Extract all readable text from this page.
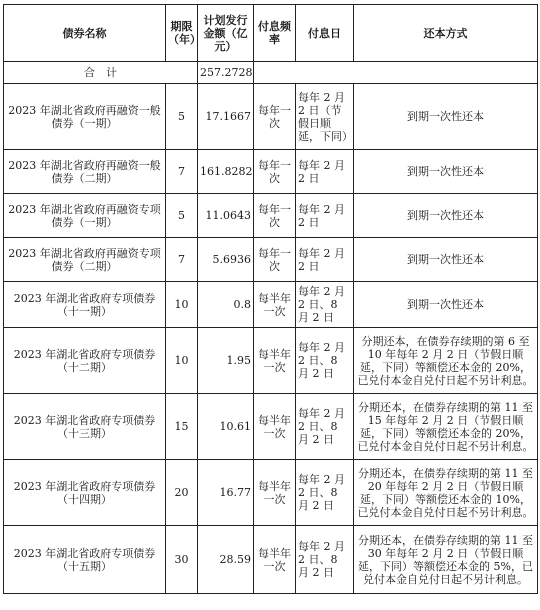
债券名称	期限（年）	计划发行金额（亿元）	付息频率	付息日	还本方式
合　计		257.2728			
2023 年湖北省政府再融资一般债券（一期）	5	17.1667	每年一次	每年 2 月 2 日（节假日顺延，下同）	到期一次性还本
2023 年湖北省政府再融资一般债券（二期）	7	161.8282	每年一次	每年 2 月 2 日	到期一次性还本
2023 年湖北省政府再融资专项债券（一期）	5	11.0643	每年一次	每年 2 月 2 日	到期一次性还本
2023 年湖北省政府再融资专项债券（二期）	7	5.6936	每年一次	每年 2 月 2 日	到期一次性还本
2023 年湖北省政府专项债券（十一期）	10	0.8	每半年一次	每年 2 月 2 日、8 月 2 日	到期一次性还本
2023 年湖北省政府专项债券（十二期）	10	1.95	每半年一次	每年 2 月 2 日、8 月 2 日	分期还本，在债券存续期的第 6 至 10 年每年 2 月 2 日（节假日顺延，下同）等额偿还本金的 20%，已兑付本金自兑付日起不另计利息。
2023 年湖北省政府专项债券（十三期）	15	10.61	每半年一次	每年 2 月 2 日、8 月 2 日	分期还本，在债券存续期的第 11 至 15 年每年 2 月 2 日（节假日顺延，下同）等额偿还本金的 20%，已兑付本金自兑付日起不另计利息。
2023 年湖北省政府专项债券（十四期）	20	16.77	每半年一次	每年 2 月 2 日、8 月 2 日	分期还本，在债券存续期的第 11 至 20 年每年 2 月 2 日（节假日顺延，下同）等额偿还本金的 10%，已兑付本金自兑付日起不另计利息。
2023 年湖北省政府专项债券（十五期）	30	28.59	每半年一次	每年 2 月 2 日、8 月 2 日	分期还本，在债券存续期的第 11 至 30 年每年 2 月 2 日（节假日顺延，下同）等额偿还本金的 5%，已兑付本金自兑付日起不另计利息。
